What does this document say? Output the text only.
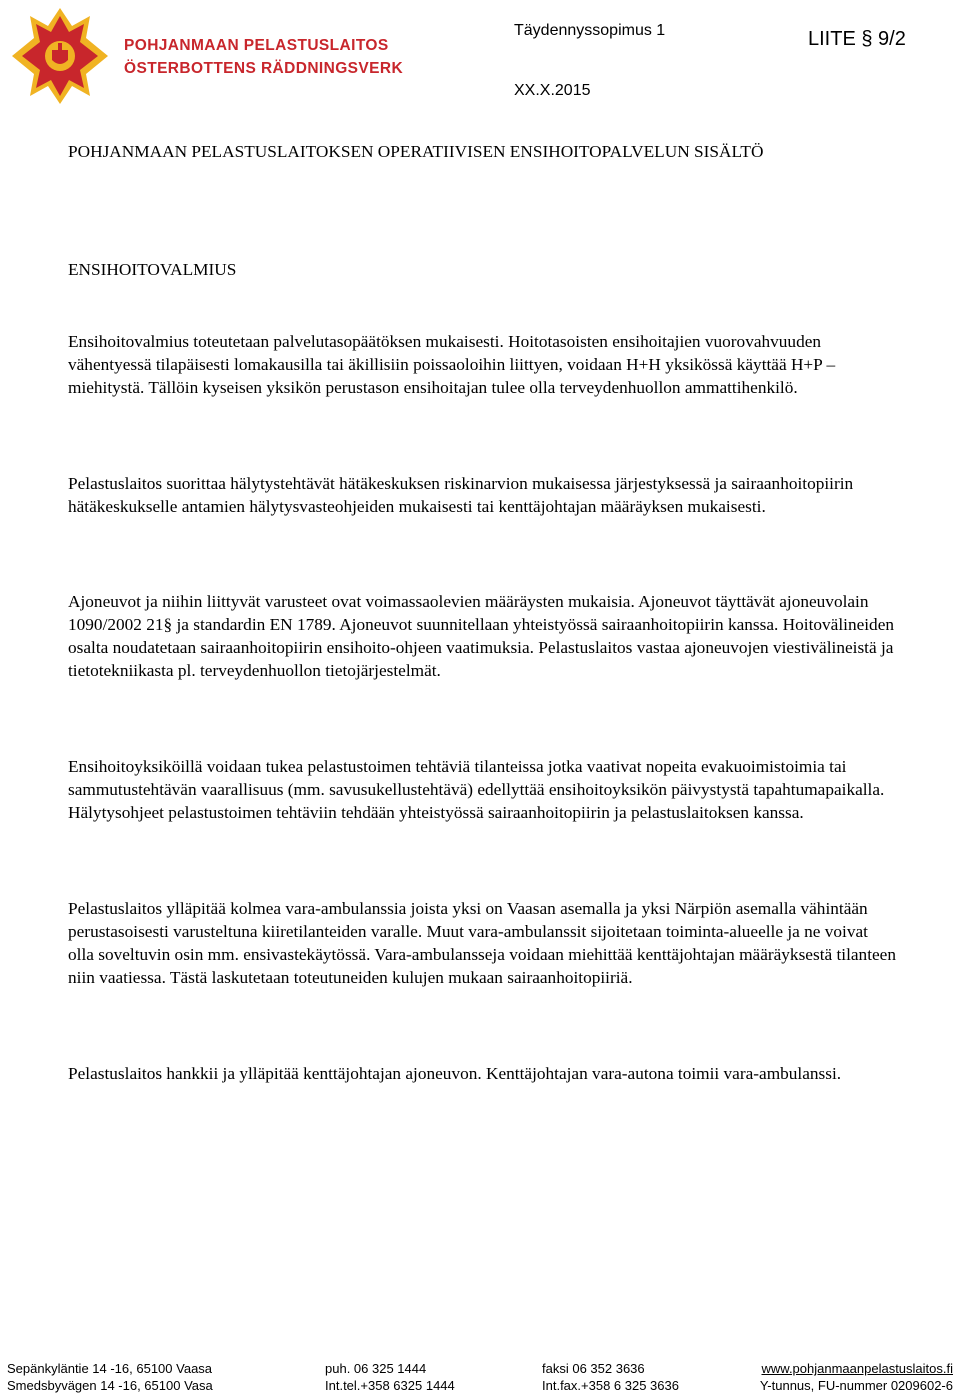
POHJANMAAN PELASTUSLAITOS
ÖSTERBOTTENS RÄDDNINGSVERK
Täydennyssopimus 1
XX.X.2015
LIITE § 9/2

POHJANMAAN PELASTUSLAITOKSEN OPERATIIVISEN ENSIHOITOPALVELUN SISÄLTÖ

ENSIHOITOVALMIUS

Ensihoitovalmius toteutetaan palvelutasopäätöksen mukaisesti. Hoitotasoisten ensihoitajien vuorovahvuuden vähentyessä tilapäisesti lomakausilla tai äkillisiin poissaoloihin liittyen, voidaan H+H yksikössä käyttää H+P –miehitystä. Tällöin kyseisen yksikön perustason ensihoitajan tulee olla terveydenhuollon ammattihenkilö.

Pelastuslaitos suorittaa hälytystehtävät hätäkeskuksen riskinarvion mukaisessa järjestyksessä ja sairaanhoitopiirin hätäkeskukselle antamien hälytysvasteohjeiden mukaisesti tai kenttäjohtajan määräyksen mukaisesti.

Ajoneuvot ja niihin liittyvät varusteet ovat voimassaolevien määräysten mukaisia. Ajoneuvot täyttävät ajoneuvolain 1090/2002 21§ ja standardin EN 1789. Ajoneuvot suunnitellaan yhteistyössä sairaanhoitopiirin kanssa. Hoitovälineiden osalta noudatetaan sairaanhoitopiirin ensihoito-ohjeen vaatimuksia. Pelastuslaitos vastaa ajoneuvojen viestivälineistä ja tietotekniikasta pl. terveydenhuollon tietojärjestelmät.

Ensihoitoyksiköillä voidaan tukea pelastustoimen tehtäviä tilanteissa jotka vaativat nopeita evakuoimistoimia tai sammutustehtävän vaarallisuus (mm. savusukellustehtävä) edellyttää ensihoitoyksikön päivystystä tapahtumapaikalla. Hälytysohjeet pelastustoimen tehtäviin tehdään yhteistyössä sairaanhoitopiirin ja pelastuslaitoksen kanssa.

Pelastuslaitos ylläpitää kolmea vara-ambulanssia joista yksi on Vaasan asemalla ja yksi Närpiön asemalla vähintään perustasoisesti varusteltuna kiiretilanteiden varalle. Muut vara-ambulanssit sijoitetaan toiminta-alueelle ja ne voivat olla soveltuvin osin mm. ensivastekäytössä. Vara-ambulansseja voidaan miehittää kenttäjohtajan määräyksestä tilanteen niin vaatiessa. Tästä laskutetaan toteutuneiden kulujen mukaan sairaanhoitopiiriä.

Pelastuslaitos hankkii ja ylläpitää kenttäjohtajan ajoneuvon. Kenttäjohtajan vara-autona toimii vara-ambulanssi.

Sepänkyläntie 14 -16, 65100 Vaasa	puh. 06 325 1444	faksi 06 352 3636	www.pohjanmaanpelastuslaitos.fi
Smedsbyvägen 14 -16, 65100 Vasa	Int.tel.+358 6325 1444	Int.fax.+358 6 325 3636	Y-tunnus, FU-nummer 0209602-6
